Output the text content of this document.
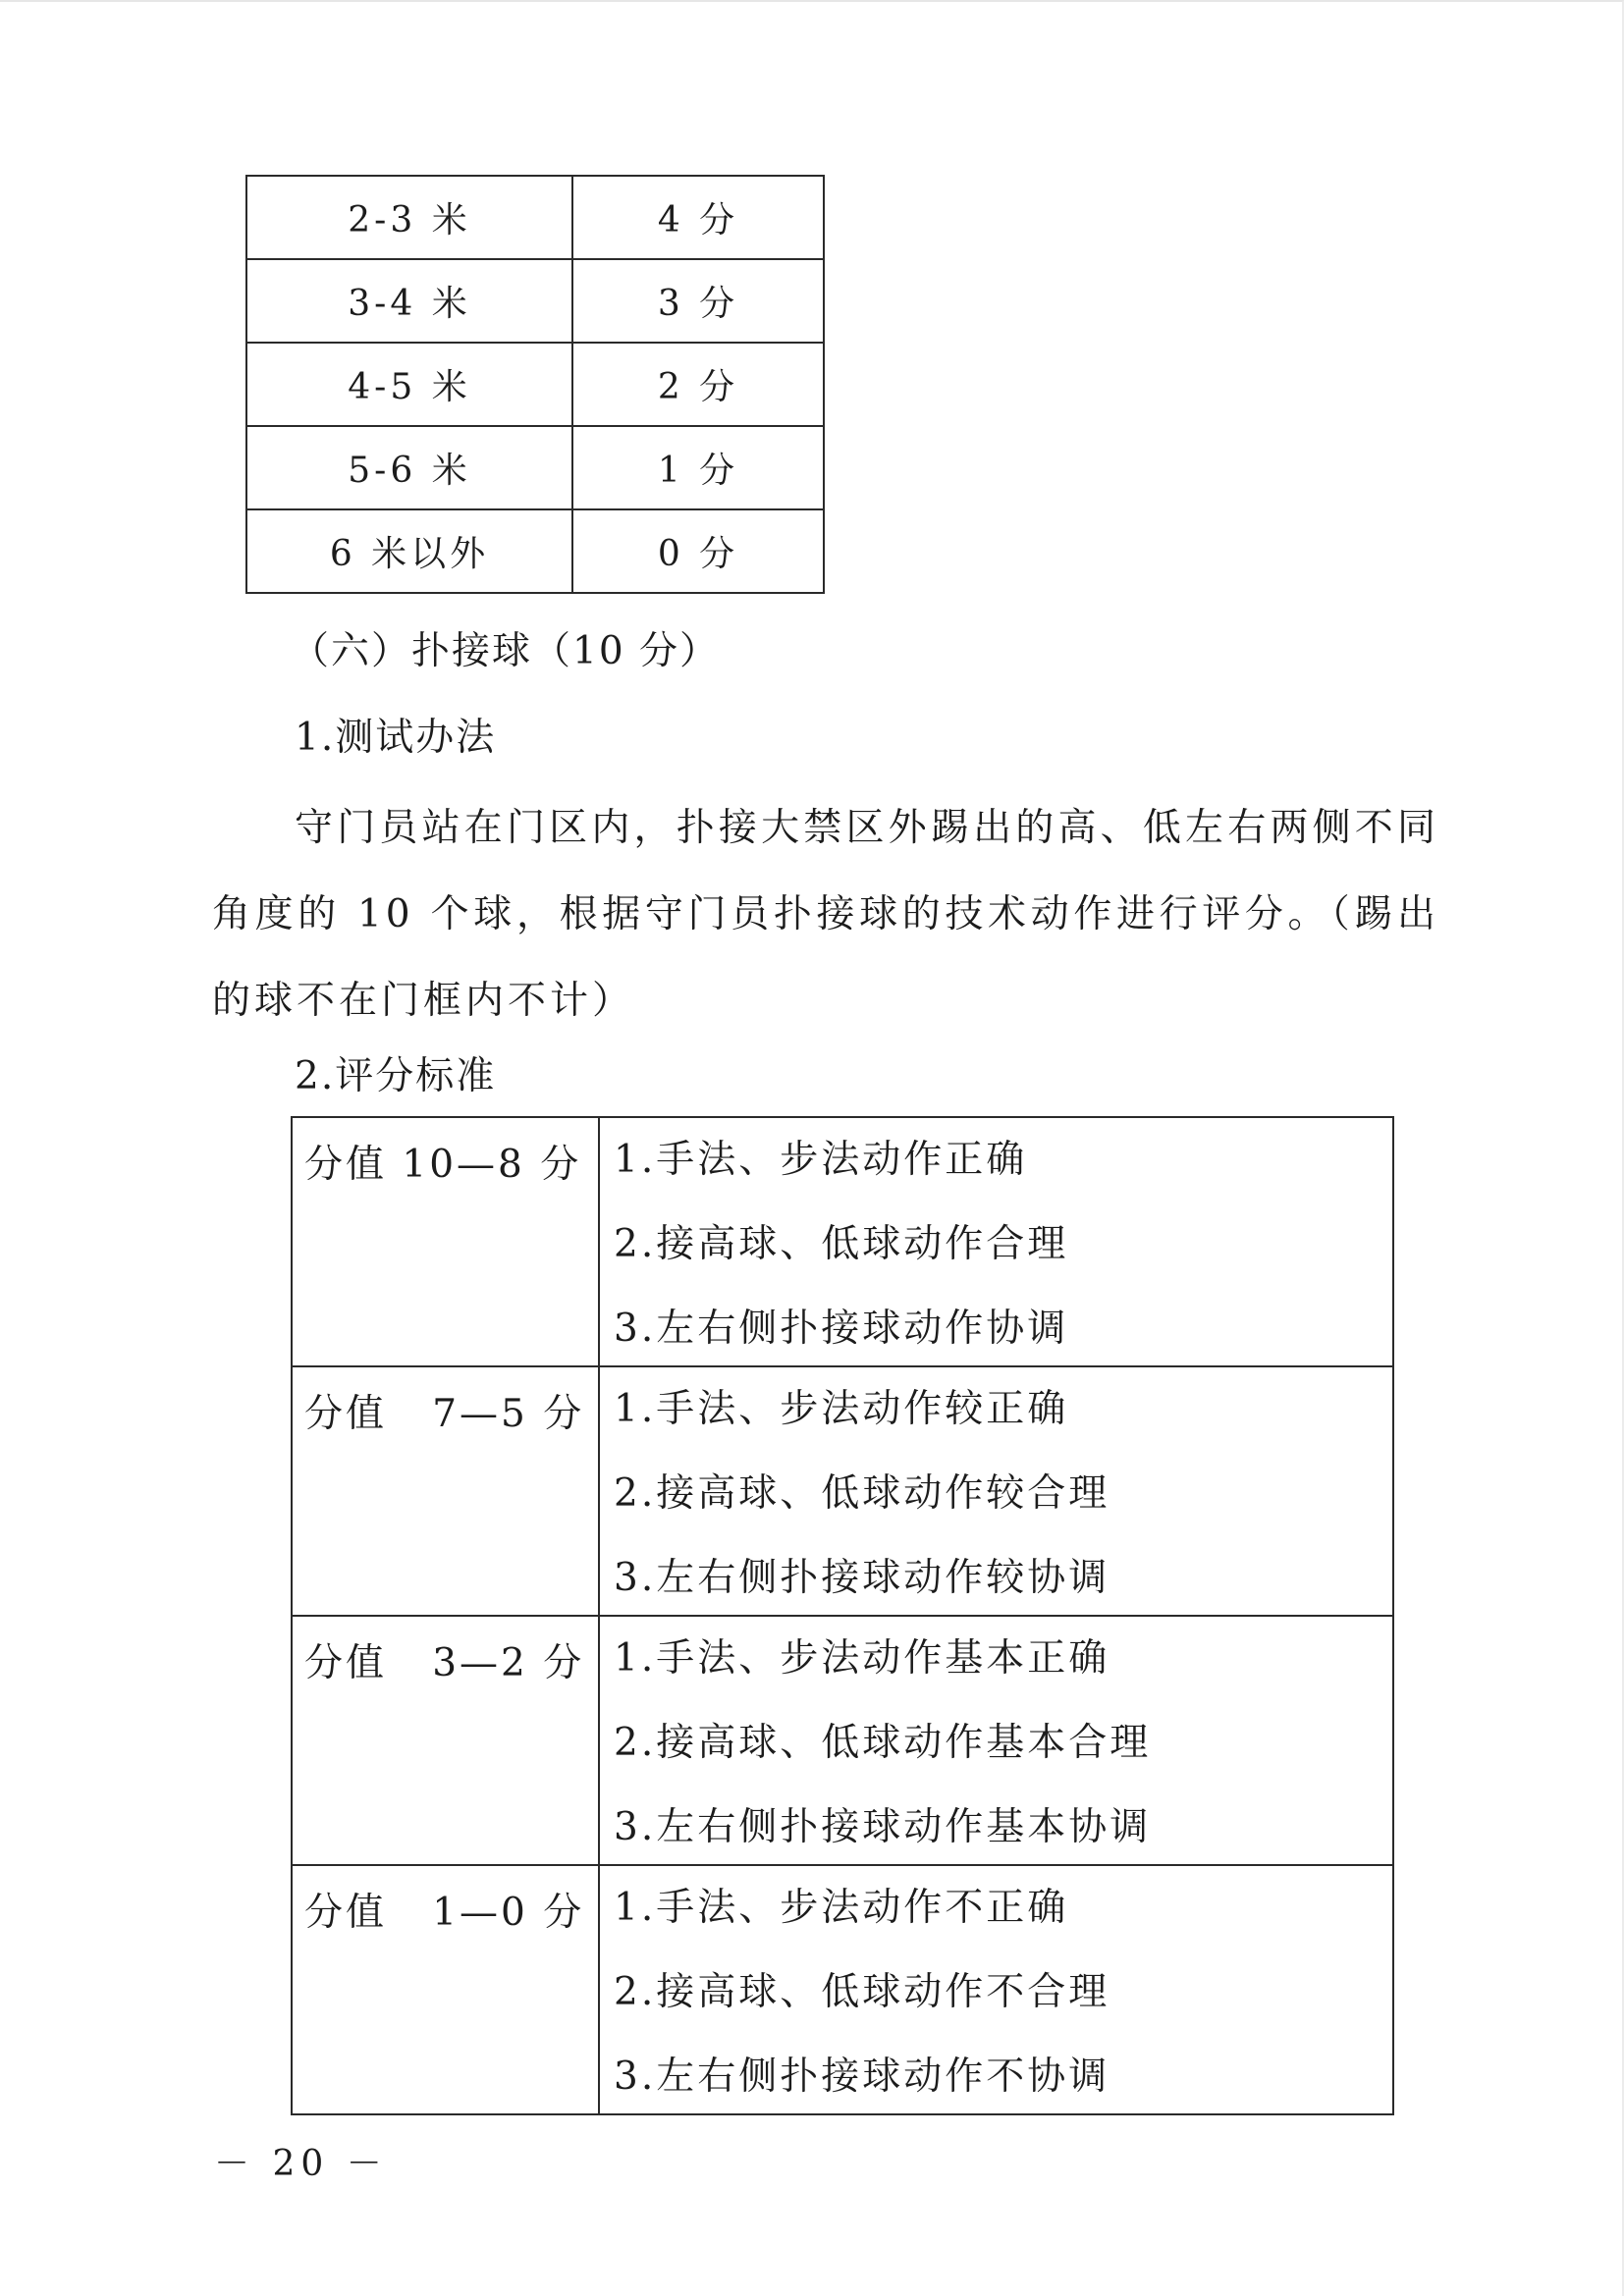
2-3 米	4 分
3-4 米	3 分
4-5 米	2 分
5-6 米	1 分
6 米以外	0 分
（六）扑接球（10 分）
1.测试办法

守门员站在门区内，扑接大禁区外踢出的高、低左右两侧不同角度的 10 个球，根据守门员扑接球的技术动作进行评分。（踢出的球不在门框内不计）

2.评分标准
分值 10—8 分	1.手法、步法动作正确
2.接高球、低球动作合理
3.左右侧扑接球动作协调

分值   7—5 分	1.手法、步法动作较正确
2.接高球、低球动作较合理
3.左右侧扑接球动作较协调

分值   3—2 分	1.手法、步法动作基本正确
2.接高球、低球动作基本合理
3.左右侧扑接球动作基本协调

分值   1—0 分	1.手法、步法动作不正确
2.接高球、低球动作不合理
3.左右侧扑接球动作不协调
－ 20 －
